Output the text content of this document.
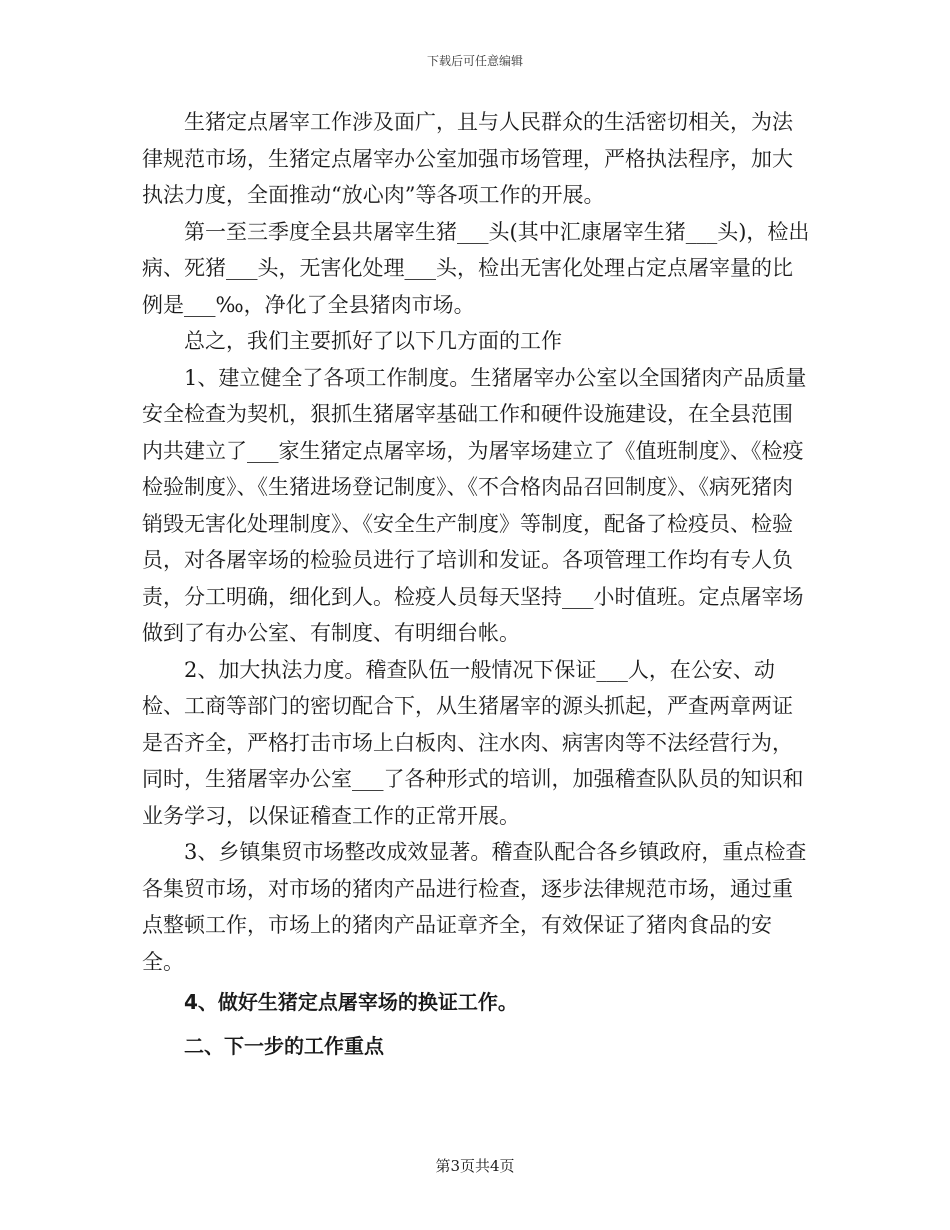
下载后可任意编辑

生猪定点屠宰工作涉及面广，且与人民群众的生活密切相关，为法律规范市场，生猪定点屠宰办公室加强市场管理，严格执法程序，加大执法力度，全面推动“放心肉”等各项工作的开展。

第一至三季度全县共屠宰生猪___头(其中汇康屠宰生猪___头)，检出病、死猪___头，无害化处理___头，检出无害化处理占定点屠宰量的比例是___‰，净化了全县猪肉市场。

总之，我们主要抓好了以下几方面的工作

1、建立健全了各项工作制度。生猪屠宰办公室以全国猪肉产品质量安全检查为契机，狠抓生猪屠宰基础工作和硬件设施建设，在全县范围内共建立了___家生猪定点屠宰场，为屠宰场建立了《值班制度》、《检疫检验制度》、《生猪进场登记制度》、《不合格肉品召回制度》、《病死猪肉销毁无害化处理制度》、《安全生产制度》等制度，配备了检疫员、检验员，对各屠宰场的检验员进行了培训和发证。各项管理工作均有专人负责，分工明确，细化到人。检疫人员每天坚持___小时值班。定点屠宰场做到了有办公室、有制度、有明细台帐。

2、加大执法力度。稽查队伍一般情况下保证___人，在公安、动检、工商等部门的密切配合下，从生猪屠宰的源头抓起，严查两章两证是否齐全，严格打击市场上白板肉、注水肉、病害肉等不法经营行为，同时，生猪屠宰办公室___了各种形式的培训，加强稽查队队员的知识和业务学习，以保证稽查工作的正常开展。

3、乡镇集贸市场整改成效显著。稽查队配合各乡镇政府，重点检查各集贸市场，对市场的猪肉产品进行检查，逐步法律规范市场，通过重点整顿工作，市场上的猪肉产品证章齐全，有效保证了猪肉食品的安全。

4、做好生猪定点屠宰场的换证工作。

二、下一步的工作重点

第3页共4页
